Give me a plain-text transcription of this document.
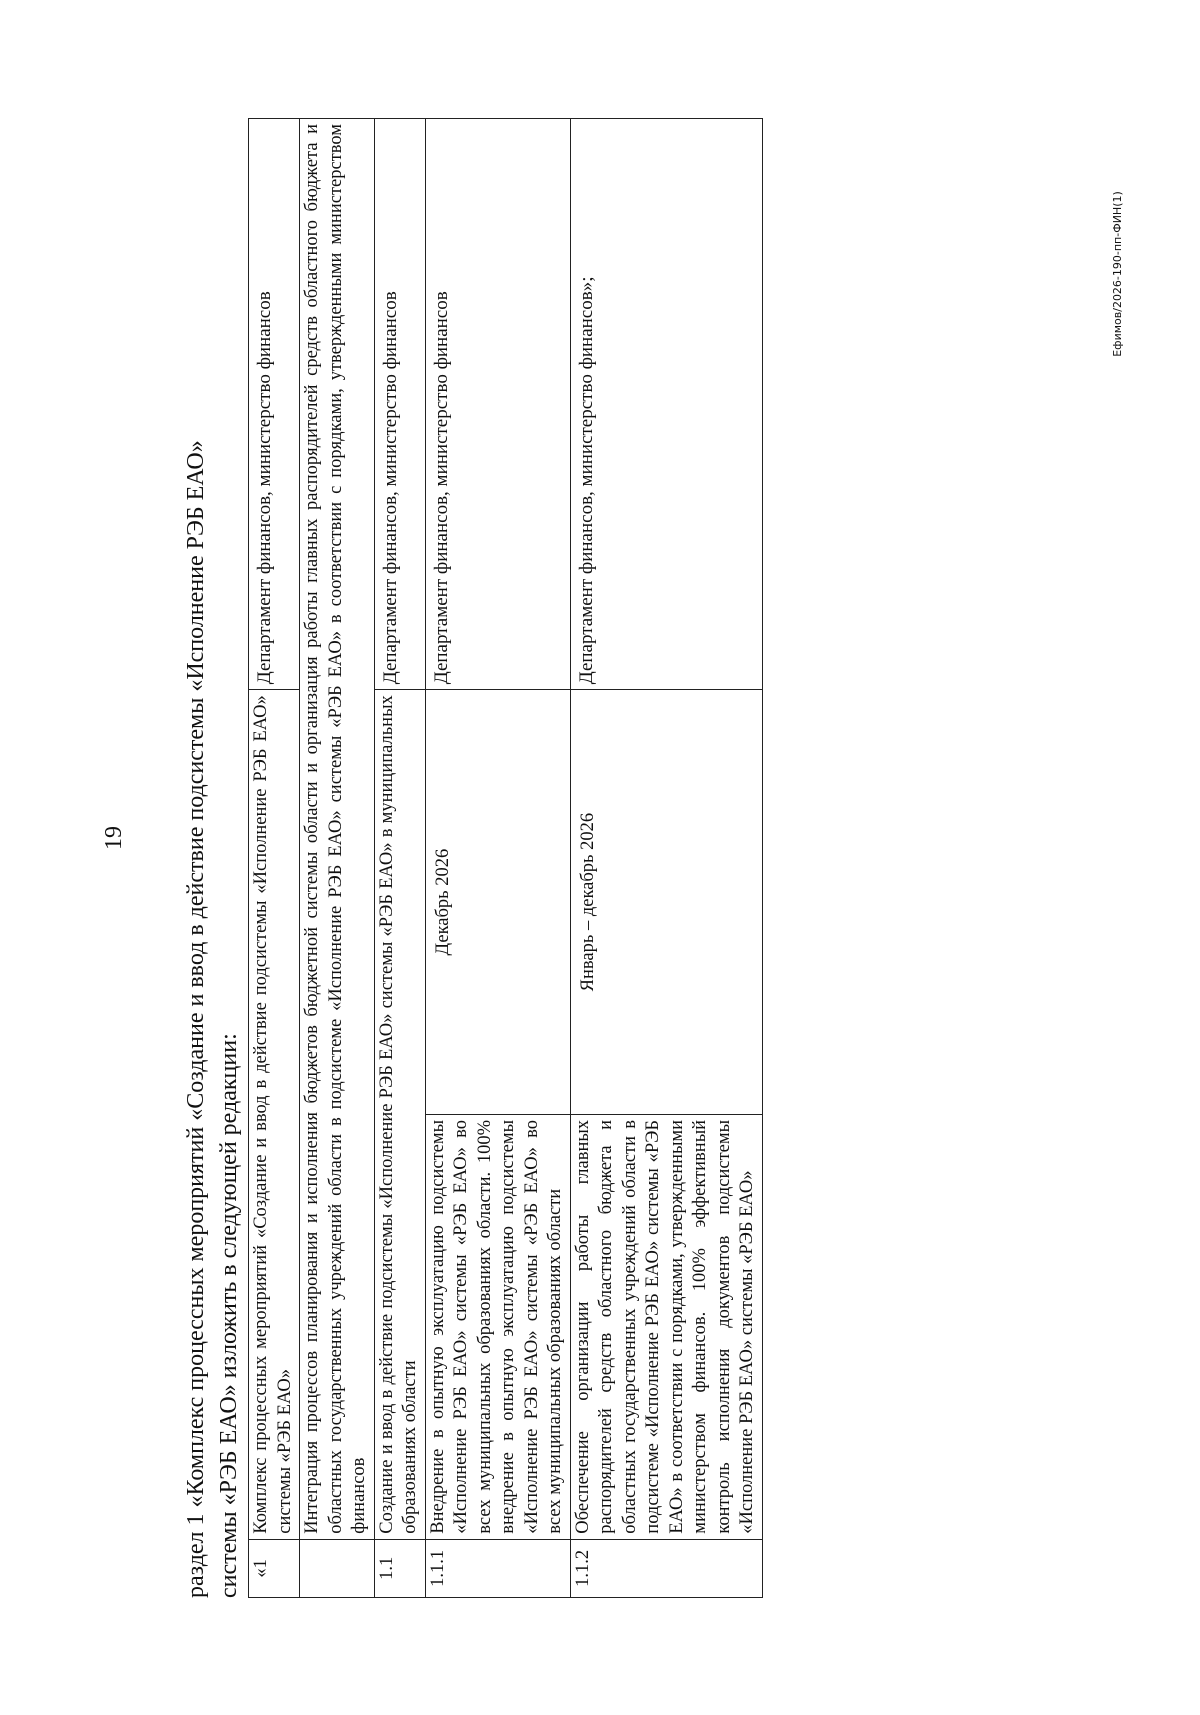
19 раздел 1 «Комплекс процессных мероприятий «Создание и ввод в действие подсистемы «Исполнение РЭБ ЕАО» системы «РЭБ ЕАО» изложить в следующей редакции: «1	Комплекс процессных мероприятий «Создание и ввод в действие подсистемы «Исполнение РЭБ ЕАО» системы «РЭБ ЕАО»		Департамент финансов, министерство финансов
	Интеграция процессов планирования и исполнения бюджетов бюджетной системы области и организация работы главных распорядителей средств областного бюджета и областных государственных учреждений области в подсистеме «Исполнение РЭБ ЕАО» системы «РЭБ ЕАО» в соответствии с порядками, утвержденными министерством финансов		
1.1	Создание и ввод в действие подсистемы «Исполнение РЭБ ЕАО» системы «РЭБ ЕАО» в муниципальных образованиях области		Департамент финансов, министерство финансов
1.1.1	Внедрение в опытную эксплуатацию подсистемы «Исполнение РЭБ ЕАО» системы «РЭБ ЕАО» во всех муниципальных образованиях области. 100% внедрение в опытную эксплуатацию подсистемы «Исполнение РЭБ ЕАО» системы «РЭБ ЕАО» во всех муниципальных образованиях области	Декабрь 2026	Департамент финансов, министерство финансов
1.1.2	Обеспечение организации работы главных распорядителей средств областного бюджета и областных государственных учреждений области в подсистеме «Исполнение РЭБ ЕАО» системы «РЭБ ЕАО» в соответствии с порядками, утвержденными министерством финансов. 100% эффективный контроль исполнения документов подсистемы «Исполнение РЭБ ЕАО» системы «РЭБ ЕАО»	Январь – декабрь 2026	Департамент финансов, министерство финансов»;
Ефимов/2026-190-пп-ФИН(1)
